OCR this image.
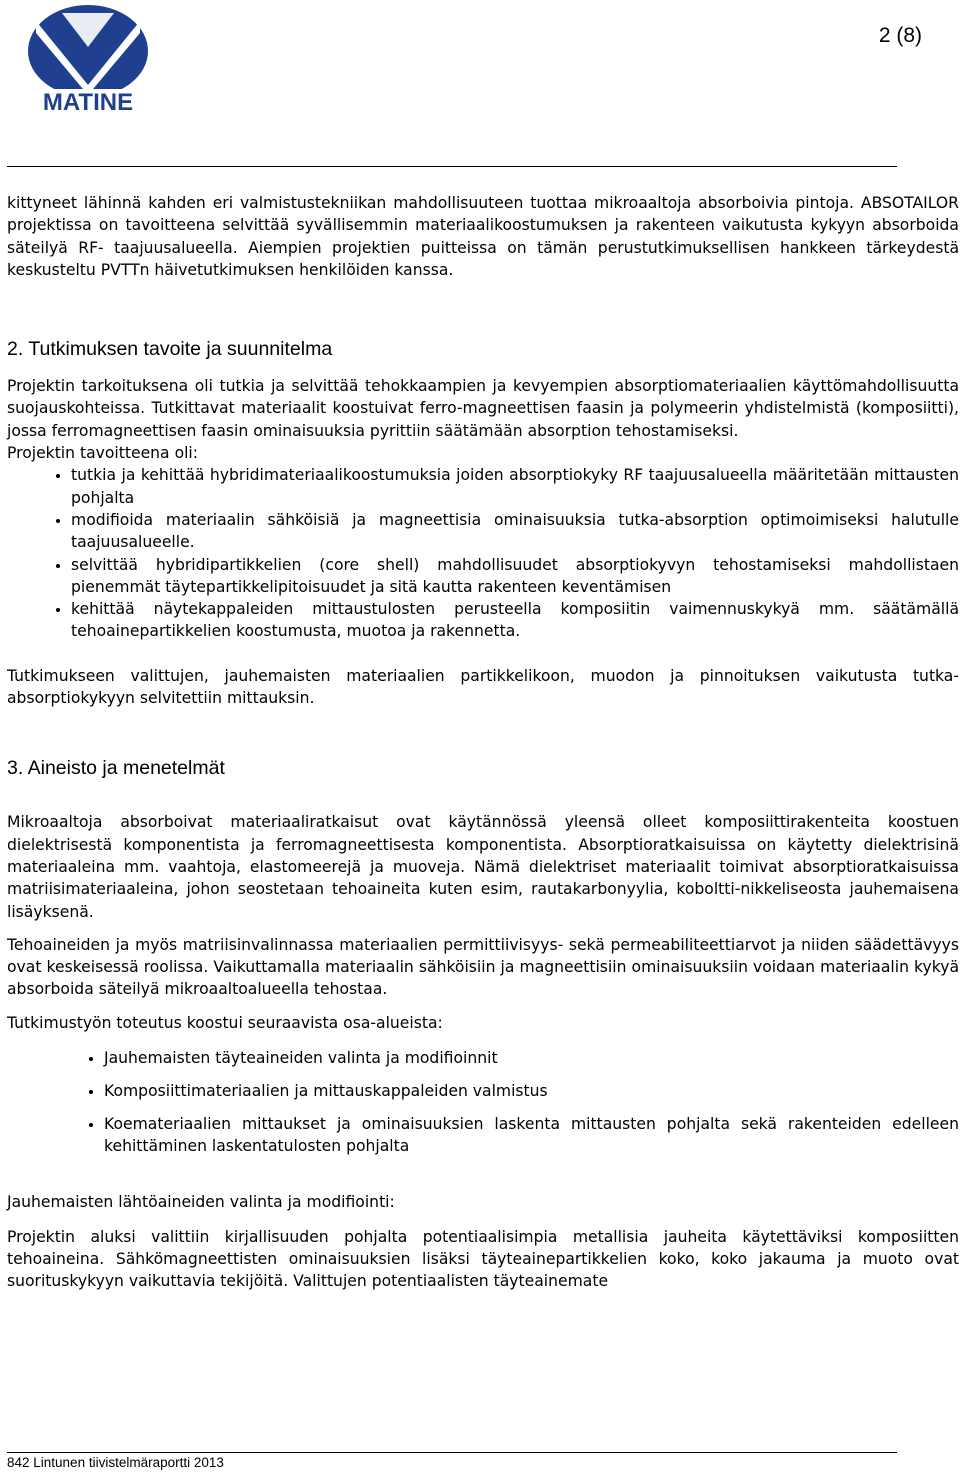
MATINE
2 (8)

kittyneet lähinnä kahden eri valmistustekniikan mahdollisuuteen tuottaa mikroaaltoja absorboivia pintoja. ABSOTAILOR projektissa on tavoitteena selvittää syvällisemmin materiaalikoostumuksen ja rakenteen vaikutusta kykyyn absorboida säteilyä RF- taajuusalueella. Aiempien projektien puitteissa on tämän perustutkimuksellisen hankkeen tärkeydestä keskusteltu PVTTn häivetutkimuksen henkilöiden kanssa.

2. Tutkimuksen tavoite ja suunnitelma

Projektin tarkoituksena oli tutkia ja selvittää tehokkaampien ja kevyempien absorptiomateriaalien käyttömahdollisuutta suojauskohteissa. Tutkittavat materiaalit koostuivat ferro-magneettisen faasin ja polymeerin yhdistelmistä (komposiitti), jossa ferromagneettisen faasin ominaisuuksia pyrittiin säätämään absorption tehostamiseksi.

Projektin tavoitteena oli:

• tutkia ja kehittää hybridimateriaalikoostumuksia joiden absorptiokyky RF taajuusalueella määritetään mittausten pohjalta
• modifioida materiaalin sähköisiä ja magneettisia ominaisuuksia tutka-absorption optimoimiseksi halutulle taajuusalueelle.
• selvittää hybridipartikkelien (core shell) mahdollisuudet absorptiokyvyn tehostamiseksi mahdollistaen pienemmät täytepartikkelipitoisuudet ja sitä kautta rakenteen keventämisen
• kehittää näytekappaleiden mittaustulosten perusteella komposiitin vaimennuskykyä mm. säätämällä tehoainepartikkelien koostumusta, muotoa ja rakennetta.

Tutkimukseen valittujen, jauhemaisten materiaalien partikkelikoon, muodon ja pinnoituksen vaikutusta tutka-absorptiokykyyn selvitettiin mittauksin.

3. Aineisto ja menetelmät

Mikroaaltoja absorboivat materiaaliratkaisut ovat käytännössä yleensä olleet komposiittirakenteita koostuen dielektrisestä komponentista ja ferromagneettisesta komponentista. Absorptioratkaisuissa on käytetty dielektrisinä materiaaleina mm. vaahtoja, elastomeerejä ja muoveja. Nämä dielektriset materiaalit toimivat absorptioratkaisuissa matriisimateriaaleina, johon seostetaan tehoaineita kuten esim, rautakarbonyylia, koboltti-nikkeliseosta jauhemaisena lisäyksenä.

Tehoaineiden ja myös matriisinvalinnassa materiaalien permittiivisyys- sekä permeabiliteettiarvot ja niiden säädettävyys ovat keskeisessä roolissa. Vaikuttamalla materiaalin sähköisiin ja magneettisiin ominaisuuksiin voidaan materiaalin kykyä absorboida säteilyä mikroaaltoalueella tehostaa.

Tutkimustyön toteutus koostui seuraavista osa-alueista:

• Jauhemaisten täyteaineiden valinta ja modifioinnit
• Komposiittimateriaalien ja mittauskappaleiden valmistus
• Koemateriaalien mittaukset ja ominaisuuksien laskenta mittausten pohjalta sekä rakenteiden edelleen kehittäminen laskentatulosten pohjalta

Jauhemaisten lähtöaineiden valinta ja modifiointi:

Projektin aluksi valittiin kirjallisuuden pohjalta potentiaalisimpia metallisia jauheita käytettäviksi komposiitten tehoaineina. Sähkömagneettisten ominaisuuksien lisäksi täyteainepartikkelien koko, koko jakauma ja muoto ovat suorituskykyyn vaikuttavia tekijöitä. Valittujen potentiaalisten täyteainemate

842 Lintunen tiivistelmäraportti 2013
